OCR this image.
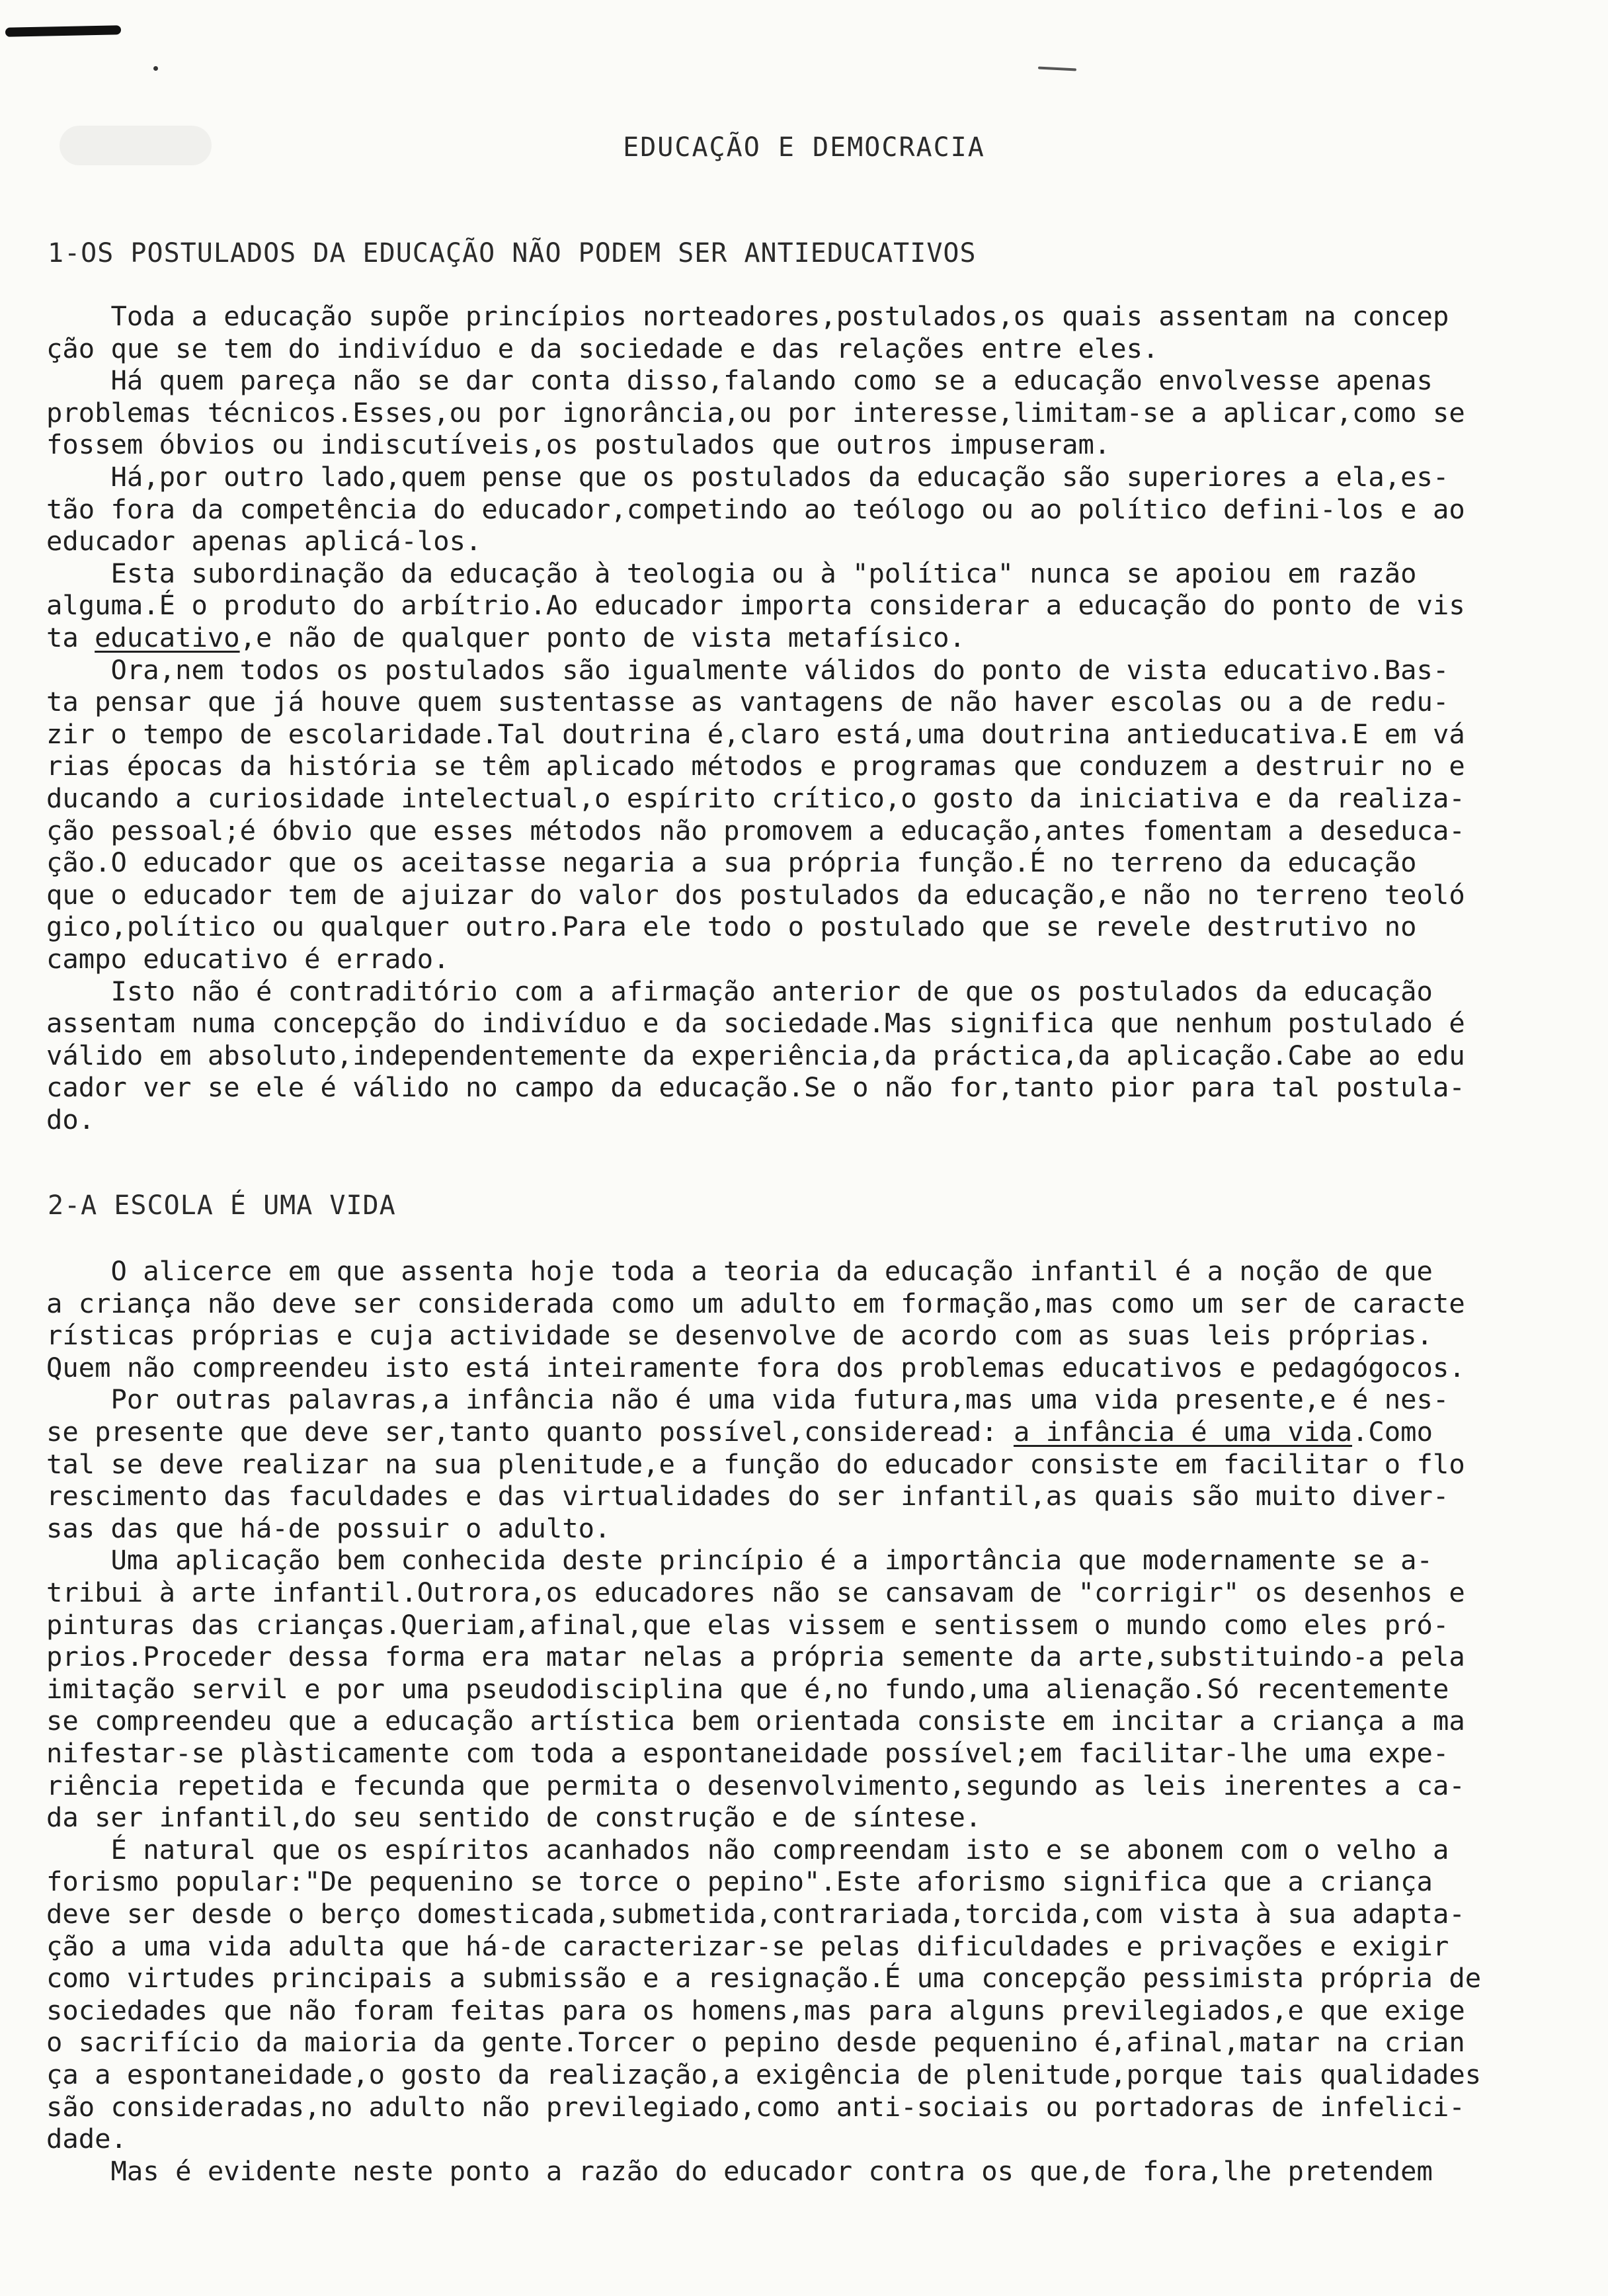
EDUCAÇÃO E DEMOCRACIA
1-OS POSTULADOS DA EDUCAÇÃO NÃO PODEM SER ANTIEDUCATIVOS
Toda a educação supõe princípios norteadores,postulados,os quais assentam na concep
ção que se tem do indivíduo e da sociedade e das relações entre eles.
Há quem pareça não se dar conta disso,falando como se a educação envolvesse apenas
problemas técnicos.Esses,ou por ignorância,ou por interesse,limitam-se a aplicar,como se
fossem óbvios ou indiscutíveis,os postulados que outros impuseram.
Há,por outro lado,quem pense que os postulados da educação são superiores a ela,es-
tão fora da competência do educador,competindo ao teólogo ou ao político defini-los e ao
educador apenas aplicá-los.
Esta subordinação da educação à teologia ou à "política" nunca se apoiou em razão
alguma.É o produto do arbítrio.Ao educador importa considerar a educação do ponto de vis
ta educativo,e não de qualquer ponto de vista metafísico.
Ora,nem todos os postulados são igualmente válidos do ponto de vista educativo.Bas-
ta pensar que já houve quem sustentasse as vantagens de não haver escolas ou a de redu-
zir o tempo de escolaridade.Tal doutrina é,claro está,uma doutrina antieducativa.E em vá
rias épocas da história se têm aplicado métodos e programas que conduzem a destruir no e
ducando a curiosidade intelectual,o espírito crítico,o gosto da iniciativa e da realiza-
ção pessoal;é óbvio que esses métodos não promovem a educação,antes fomentam a deseduca-
ção.O educador que os aceitasse negaria a sua própria função.É no terreno da educação
que o educador tem de ajuizar do valor dos postulados da educação,e não no terreno teoló
gico,político ou qualquer outro.Para ele todo o postulado que se revele destrutivo no
campo educativo é errado.
Isto não é contraditório com a afirmação anterior de que os postulados da educação
assentam numa concepção do indivíduo e da sociedade.Mas significa que nenhum postulado é
válido em absoluto,independentemente da experiência,da práctica,da aplicação.Cabe ao edu
cador ver se ele é válido no campo da educação.Se o não for,tanto pior para tal postula-
do.
2-A ESCOLA É UMA VIDA
O alicerce em que assenta hoje toda a teoria da educação infantil é a noção de que
a criança não deve ser considerada como um adulto em formação,mas como um ser de caracte
rísticas próprias e cuja actividade se desenvolve de acordo com as suas leis próprias.
Quem não compreendeu isto está inteiramente fora dos problemas educativos e pedagógocos.
Por outras palavras,a infância não é uma vida futura,mas uma vida presente,e é nes-
se presente que deve ser,tanto quanto possível,consideread: a infância é uma vida.Como
tal se deve realizar na sua plenitude,e a função do educador consiste em facilitar o flo
rescimento das faculdades e das virtualidades do ser infantil,as quais são muito diver-
sas das que há-de possuir o adulto.
Uma aplicação bem conhecida deste princípio é a importância que modernamente se a-
tribui à arte infantil.Outrora,os educadores não se cansavam de "corrigir" os desenhos e
pinturas das crianças.Queriam,afinal,que elas vissem e sentissem o mundo como eles pró-
prios.Proceder dessa forma era matar nelas a própria semente da arte,substituindo-a pela
imitação servil e por uma pseudodisciplina que é,no fundo,uma alienação.Só recentemente
se compreendeu que a educação artística bem orientada consiste em incitar a criança a ma
nifestar-se plàsticamente com toda a espontaneidade possível;em facilitar-lhe uma expe-
riência repetida e fecunda que permita o desenvolvimento,segundo as leis inerentes a ca-
da ser infantil,do seu sentido de construção e de síntese.
É natural que os espíritos acanhados não compreendam isto e se abonem com o velho a
forismo popular:"De pequenino se torce o pepino".Este aforismo significa que a criança
deve ser desde o berço domesticada,submetida,contrariada,torcida,com vista à sua adapta-
ção a uma vida adulta que há-de caracterizar-se pelas dificuldades e privações e exigir
como virtudes principais a submissão e a resignação.É uma concepção pessimista própria de
sociedades que não foram feitas para os homens,mas para alguns previlegiados,e que exige
o sacrifício da maioria da gente.Torcer o pepino desde pequenino é,afinal,matar na crian
ça a espontaneidade,o gosto da realização,a exigência de plenitude,porque tais qualidades
são consideradas,no adulto não previlegiado,como anti-sociais ou portadoras de infelici-
dade.
Mas é evidente neste ponto a razão do educador contra os que,de fora,lhe pretendem
